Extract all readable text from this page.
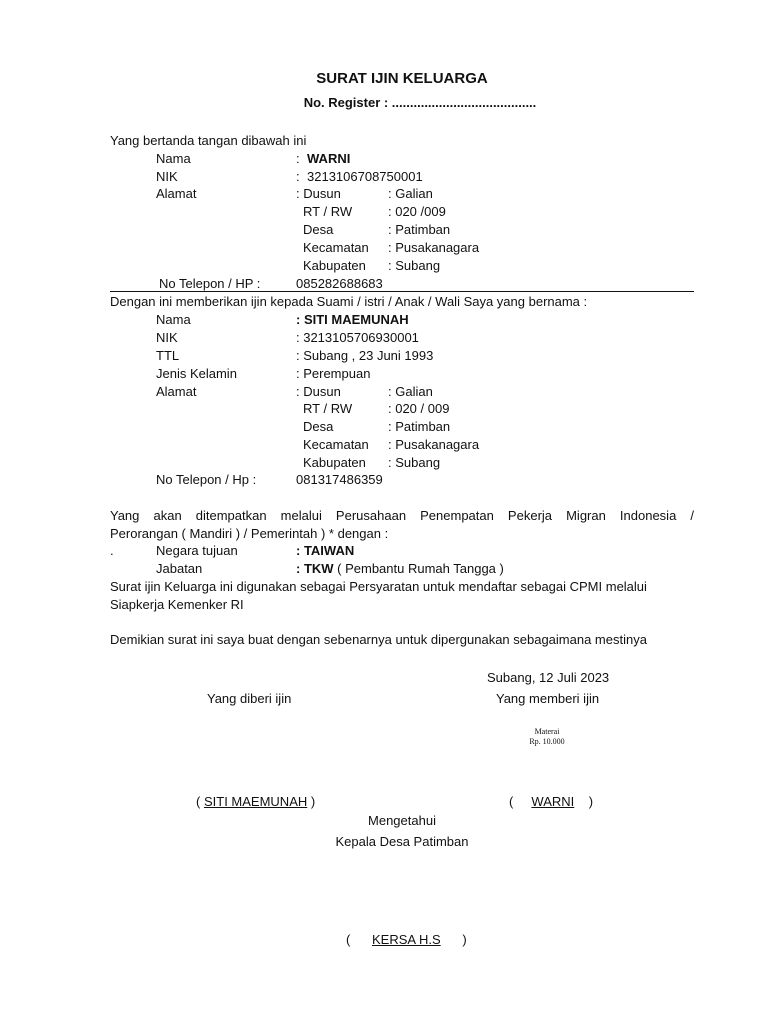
SURAT IJIN KELUARGA
No. Register : ........................................
Yang bertanda tangan dibawah ini
Nama	: WARNI
NIK	: 3213106708750001
Alamat	: Dusun	: Galian
RT / RW	: 020 /009
Desa	: Patimban
Kecamatan : Pusakanagara
Kabupaten : Subang
No Telepon / HP :	085282688683
Dengan ini memberikan ijin kepada Suami / istri / Anak / Wali Saya yang bernama :
Nama	: SITI MAEMUNAH
NIK	: 3213105706930001
TTL	: Subang , 23 Juni 1993
Jenis Kelamin	: Perempuan
Alamat	: Dusun	: Galian
RT / RW	: 020 / 009
Desa	: Patimban
Kecamatan : Pusakanagara
Kabupaten : Subang
No Telepon / Hp :	081317486359
Yang akan ditempatkan melalui Perusahaan Penempatan Pekerja Migran Indonesia /
Perorangan ( Mandiri ) / Pemerintah ) * dengan :
.	Negara tujuan	: TAIWAN
Jabatan	: TKW ( Pembantu Rumah Tangga )
Surat ijin Keluarga ini digunakan sebagai Persyaratan untuk mendaftar sebagai CPMI melalui
Siapkerja Kemenker RI
Demikian surat ini saya buat dengan sebenarnya untuk dipergunakan sebagaimana mestinya
Subang, 12 Juli 2023
Yang diberi ijin	Yang memberi ijin
Materai
Rp. 10.000
( SITI MAEMUNAH )	( WARNI )
Mengetahui
Kepala Desa Patimban
( KERSA H.S )
